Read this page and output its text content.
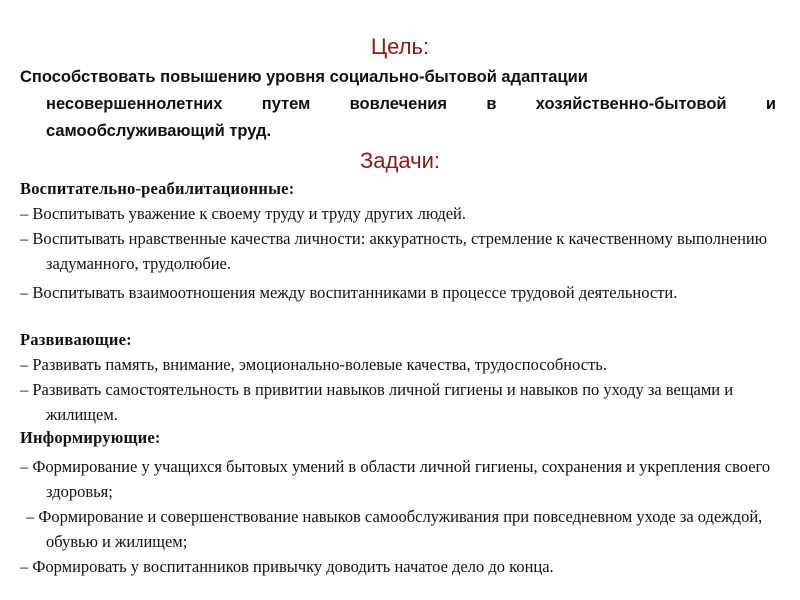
Цель:
Способствовать повышению уровня социально-бытовой адаптации
несовершеннолетних путем вовлечения в хозяйственно-бытовой и самообслуживающий труд.
Задачи:
Воспитательно-реабилитационные:
– Воспитывать уважение к своему труду и труду других людей.
– Воспитывать нравственные качества личности: аккуратность, стремление к качественному выполнению задуманного, трудолюбие.
– Воспитывать взаимоотношения между воспитанниками в процессе трудовой деятельности.
Развивающие:
– Развивать память, внимание, эмоционально-волевые качества, трудоспособность.
– Развивать самостоятельность в привитии навыков личной гигиены и навыков по уходу за вещами и жилищем.
Информирующие:
– Формирование у учащихся бытовых умений в области личной гигиены, сохранения и укрепления своего здоровья;
– Формирование и совершенствование навыков самообслуживания при повседневном уходе за одеждой, обувью и жилищем;
– Формировать у воспитанников привычку доводить начатое дело до конца.
